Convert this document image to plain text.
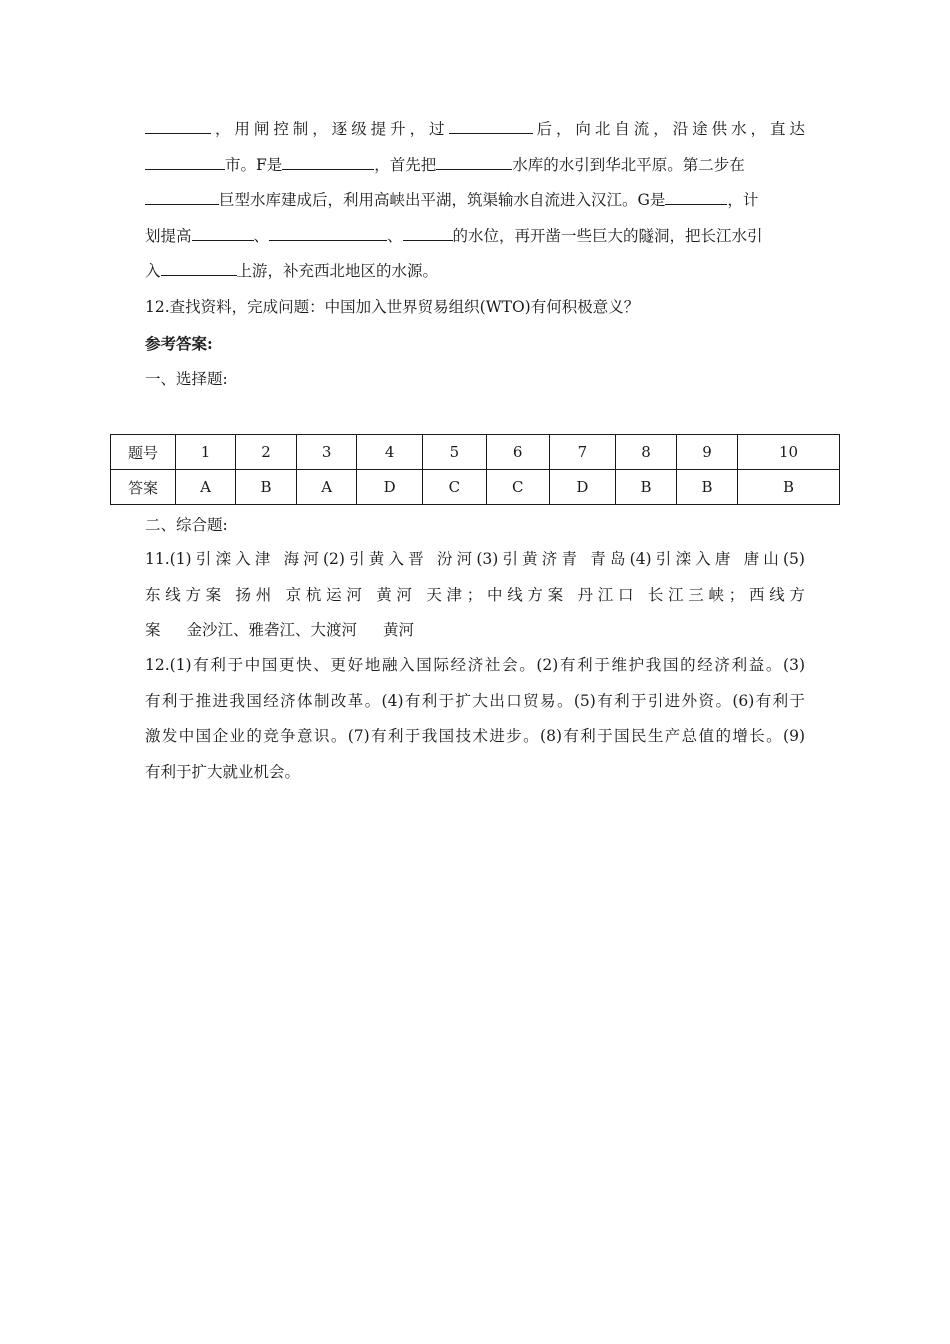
，用闸控制，逐级提升，过	后，向北自流，沿途供水，直达
市。F是	，首先把	水库的水引到华北平原。第二步在
巨型水库建成后，利用高峡出平湖，筑渠输水自流进入汉江。G是	，计
划提高	、	、	的水位，再开凿一些巨大的隧洞，把长江水引
入	上游，补充西北地区的水源。
12.查找资料，完成问题：中国加入世界贸易组织(WTO)有何积极意义？
参考答案:
一、选择题:
题号	1	2	3	4	5	6	7	8	9	10
答案	A	B	A	D	C	C	D	B	B	B
二、综合题:
11.(1)引滦入津 海河(2)引黄入晋 汾河(3)引黄济青 青岛(4)引滦入唐 唐山(5)
东线方案 扬州 京杭运河 黄河 天津；中线方案 丹江口 长江三峡；西线方
案 金沙江、雅砻江、大渡河 黄河
12.(1)有利于中国更快、更好地融入国际经济社会。(2)有利于维护我国的经济利益。(3)
有利于推进我国经济体制改革。(4)有利于扩大出口贸易。(5)有利于引进外资。(6)有利于
激发中国企业的竞争意识。(7)有利于我国技术进步。(8)有利于国民生产总值的增长。(9)
有利于扩大就业机会。
